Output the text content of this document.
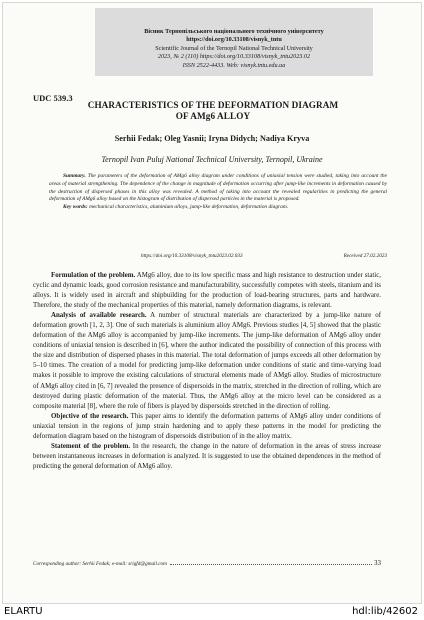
Вісник Тернопільського національного технічного університету
https://doi.org/10.33108/visnyk_tntu
Scientific Journal of the Ternopil National Technical University
2023, № 2 (110) https://doi.org/10.33108/visnyk_tntu2023.02
ISSN 2522-4433. Web: visnyk.tntu.edu.ua
UDC 539.3
CHARACTERISTICS OF THE DEFORMATION DIAGRAM
OF AMg6 ALLOY
Serhii Fedak; Oleg Yasnii; Iryna Didych; Nadiya Kryva
Ternopil Ivan Puluj National Technical University, Ternopil, Ukraine

Summary. The parameters of the deformation of AMg6 alloy diagram under conditions of uniaxial tension were studied, taking into account the areas of material strengthening. The dependence of the change in magnitude of deformation occurring after jump-like increments in deformation caused by the destruction of dispersed phases in this alloy was revealed. A method of taking into account the revealed regularities in predicting the general deformation of AMg6 alloy based on the histogram of distribution of dispersed particles in the material is proposed.

Key words: mechanical characteristics, aluminium alloys, jump-like deformation, deformation diagram.

https://doi.org/10.33108/visnyk_tntu2023.02.033	Received 27.02.2023

Formulation of the problem. AMg6 alloy, due to its low specific mass and high resistance to destruction under static, cyclic and dynamic loads, good corrosion resistance and manufacturability, successfully competes with steels, titanium and its alloys. It is widely used in aircraft and shipbuilding for the production of load-bearing structures, parts and hardware. Therefore, the study of the mechanical properties of this material, namely deformation diagrams, is relevant.

Analysis of available research. A number of structural materials are characterized by a jump-like nature of deformation growth [1, 2, 3]. One of such materials is aluminium alloy AMg6. Previous studies [4, 5] showed that the plastic deformation of the AMg6 alloy is accompanied by jump-like increments. The jump-like deformation of AMg6 alloy under conditions of uniaxial tension is described in [6], where the author indicated the possibility of connection of this process with the size and distribution of dispersed phases in this material. The total deformation of jumps exceeds all other deformation by 5–10 times. The creation of a model for predicting jump-like deformation under conditions of static and time-varying load makes it possible to improve the existing calculations of structural elements made of AMg6 alloy. Studies of microstructure of AMg6 alloy cited in [6, 7] revealed the presence of dispersoids in the matrix, stretched in the direction of rolling, which are destroyed during plastic deformation of the material. Thus, the AMg6 alloy at the micro level can be considered as a composite material [8], where the role of fibers is played by dispersoids stretched in the direction of rolling.

Objective of the research. This paper aims to identify the deformation patterns of AMg6 alloy under conditions of uniaxial tension in the regions of jump strain hardening and to apply these patterns in the model for predicting the deformation diagram based on the histogram of dispersoids distribution of in the alloy matrix.

Statement of the problem. In the research, the change in the nature of deformation in the areas of stress increase between instantaneous increases in deformation is analyzed. It is suggested to use the obtained dependences in the method of predicting the general deformation of AMg6 alloy.

Corresponding author: Serhii Fedak; e-mail: srigfd@gmail.com	33
ELARTU	hdl:lib/42602
